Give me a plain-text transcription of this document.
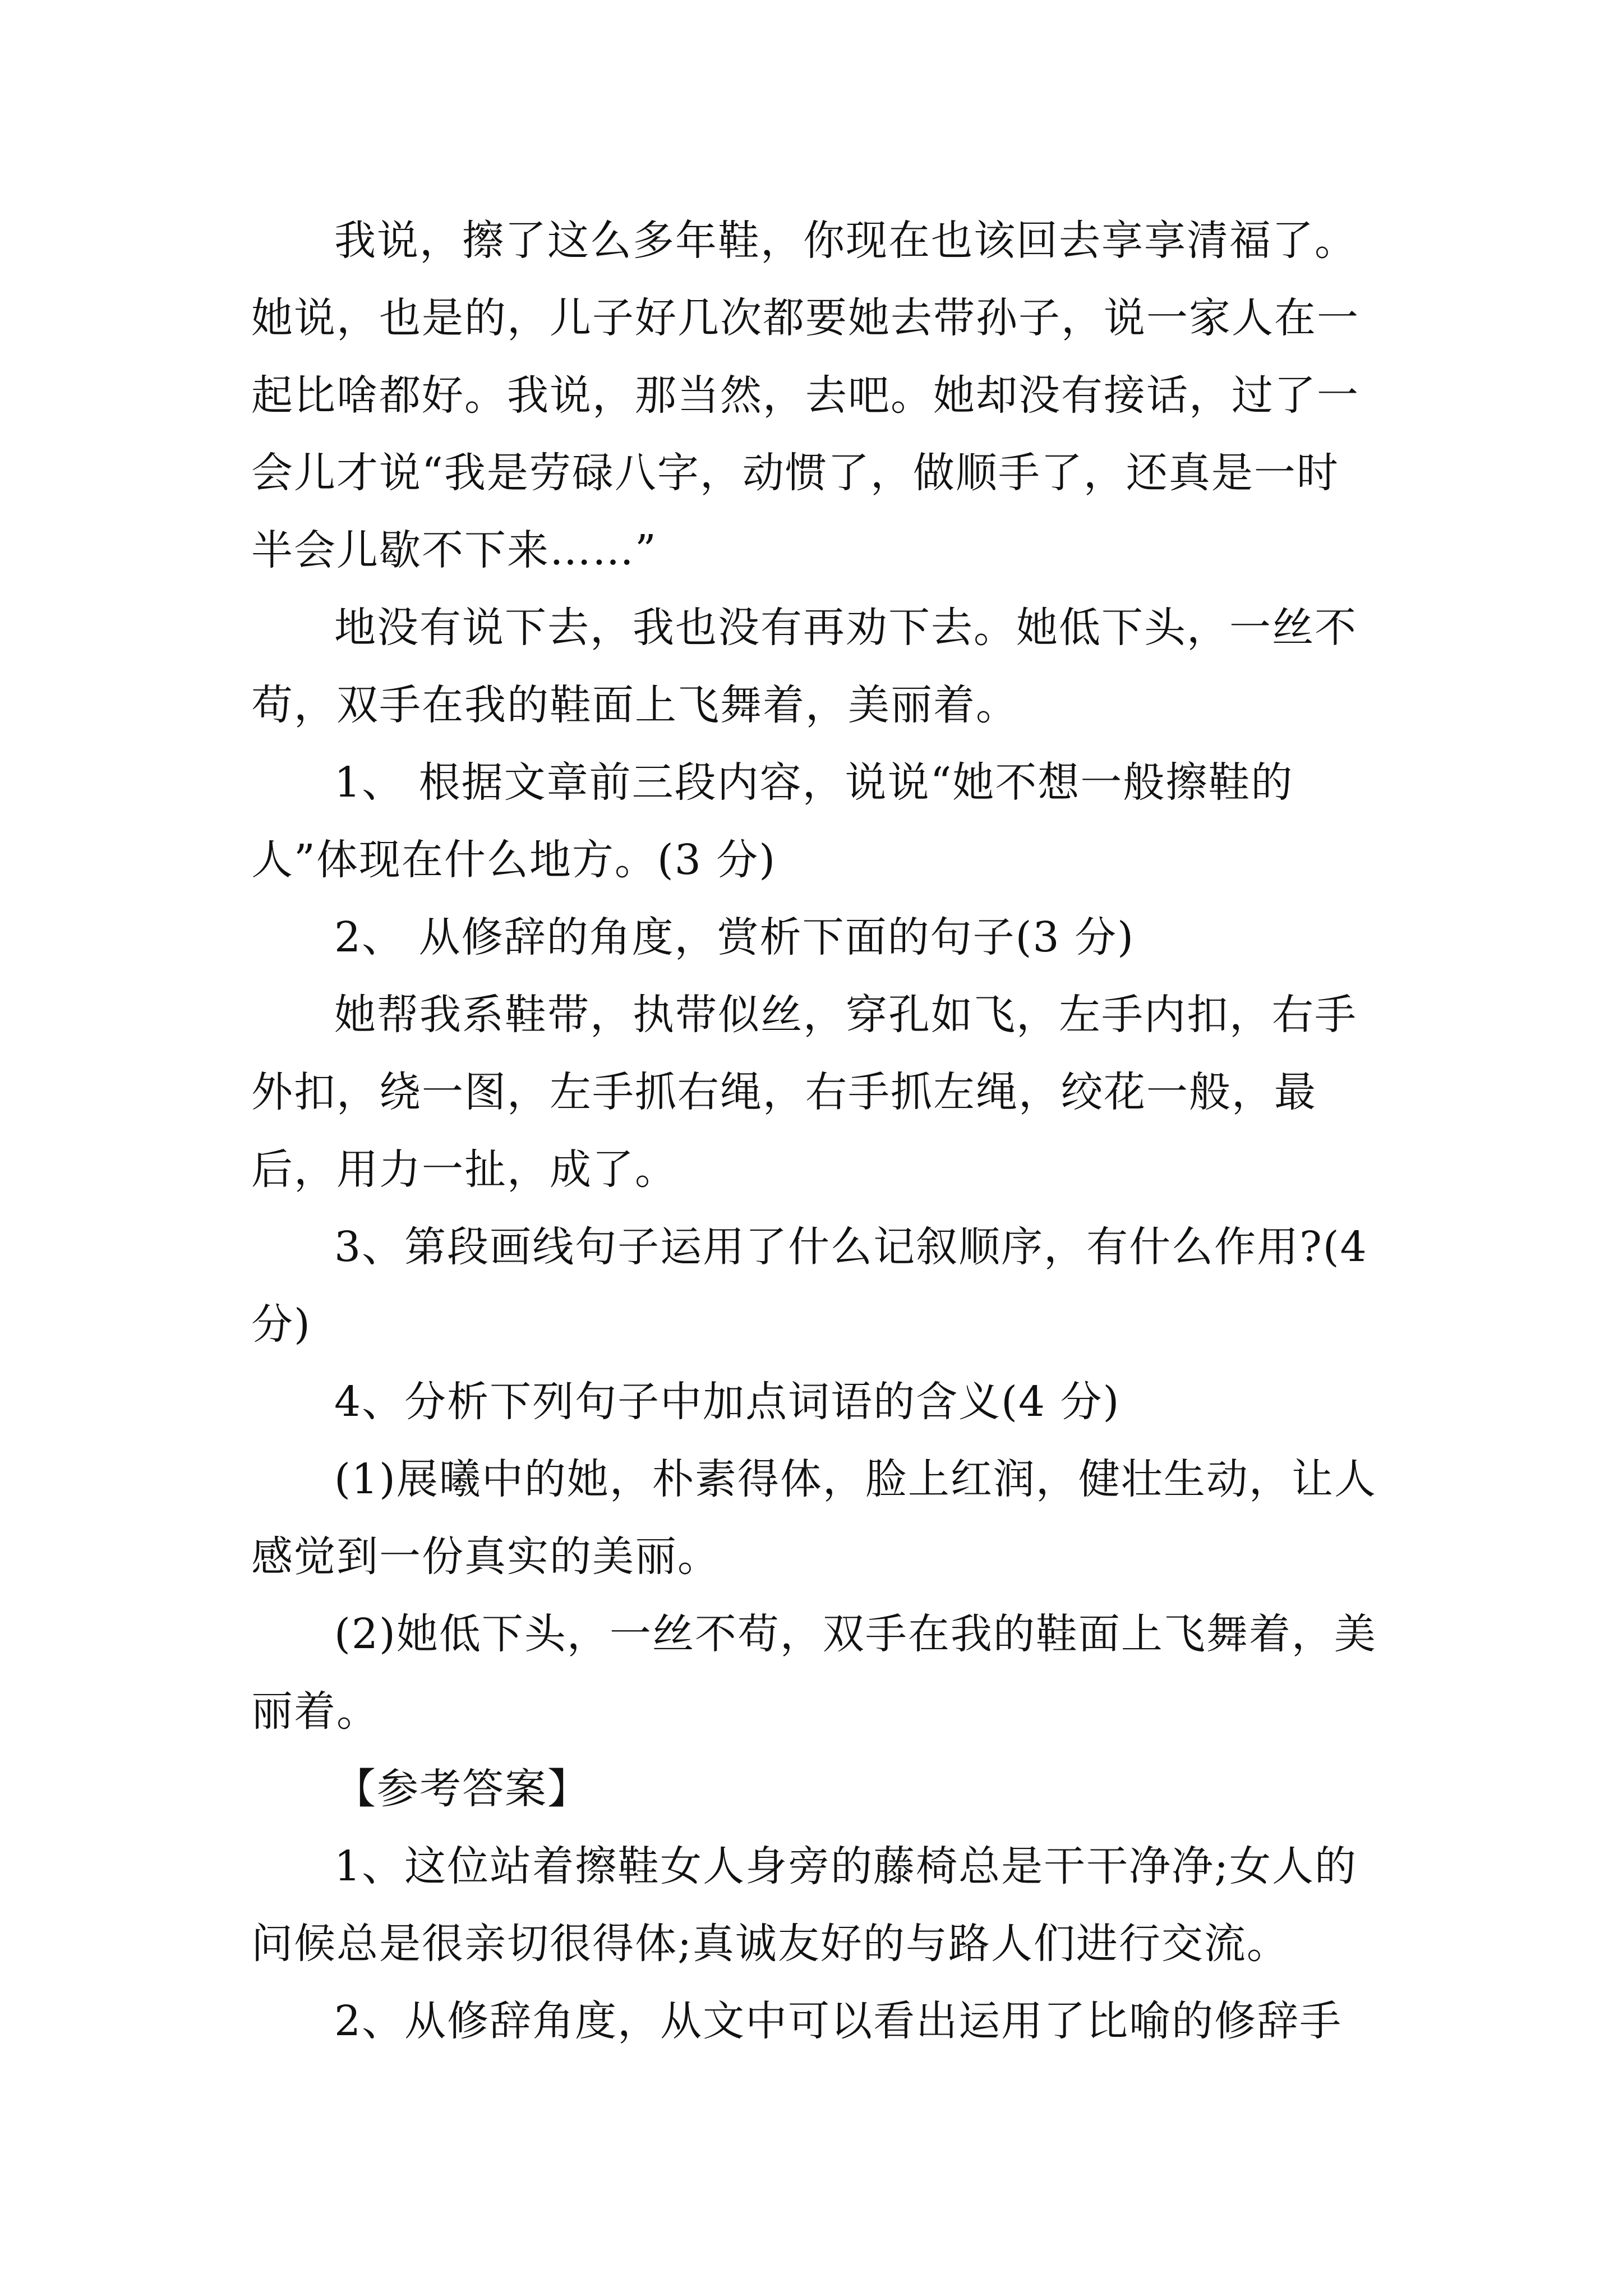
我说，擦了这么多年鞋，你现在也该回去享享清福了。她说，也是的，儿子好几次都要她去带孙子，说一家人在一起比啥都好。我说，那当然，去吧。她却没有接话，过了一会儿才说“我是劳碌八字，动惯了，做顺手了，还真是一时半会儿歇不下来……”

地没有说下去，我也没有再劝下去。她低下头，一丝不苟，双手在我的鞋面上飞舞着，美丽着。

1、 根据文章前三段内容，说说“她不想一般擦鞋的人”体现在什么地方。(3 分)

2、 从修辞的角度，赏析下面的句子(3 分)

她帮我系鞋带，执带似丝，穿孔如飞，左手内扣，右手外扣，绕一图，左手抓右绳，右手抓左绳，绞花一般，最后，用力一扯，成了。

3、第段画线句子运用了什么记叙顺序，有什么作用?(4 分)

4、分析下列句子中加点词语的含义(4 分)

(1)展曦中的她，朴素得体，脸上红润，健壮生动，让人感觉到一份真实的美丽。

(2)她低下头，一丝不苟，双手在我的鞋面上飞舞着，美丽着。

【参考答案】

1、这位站着擦鞋女人身旁的藤椅总是干干净净;女人的问候总是很亲切很得体;真诚友好的与路人们进行交流。

2、从修辞角度，从文中可以看出运用了比喻的修辞手
